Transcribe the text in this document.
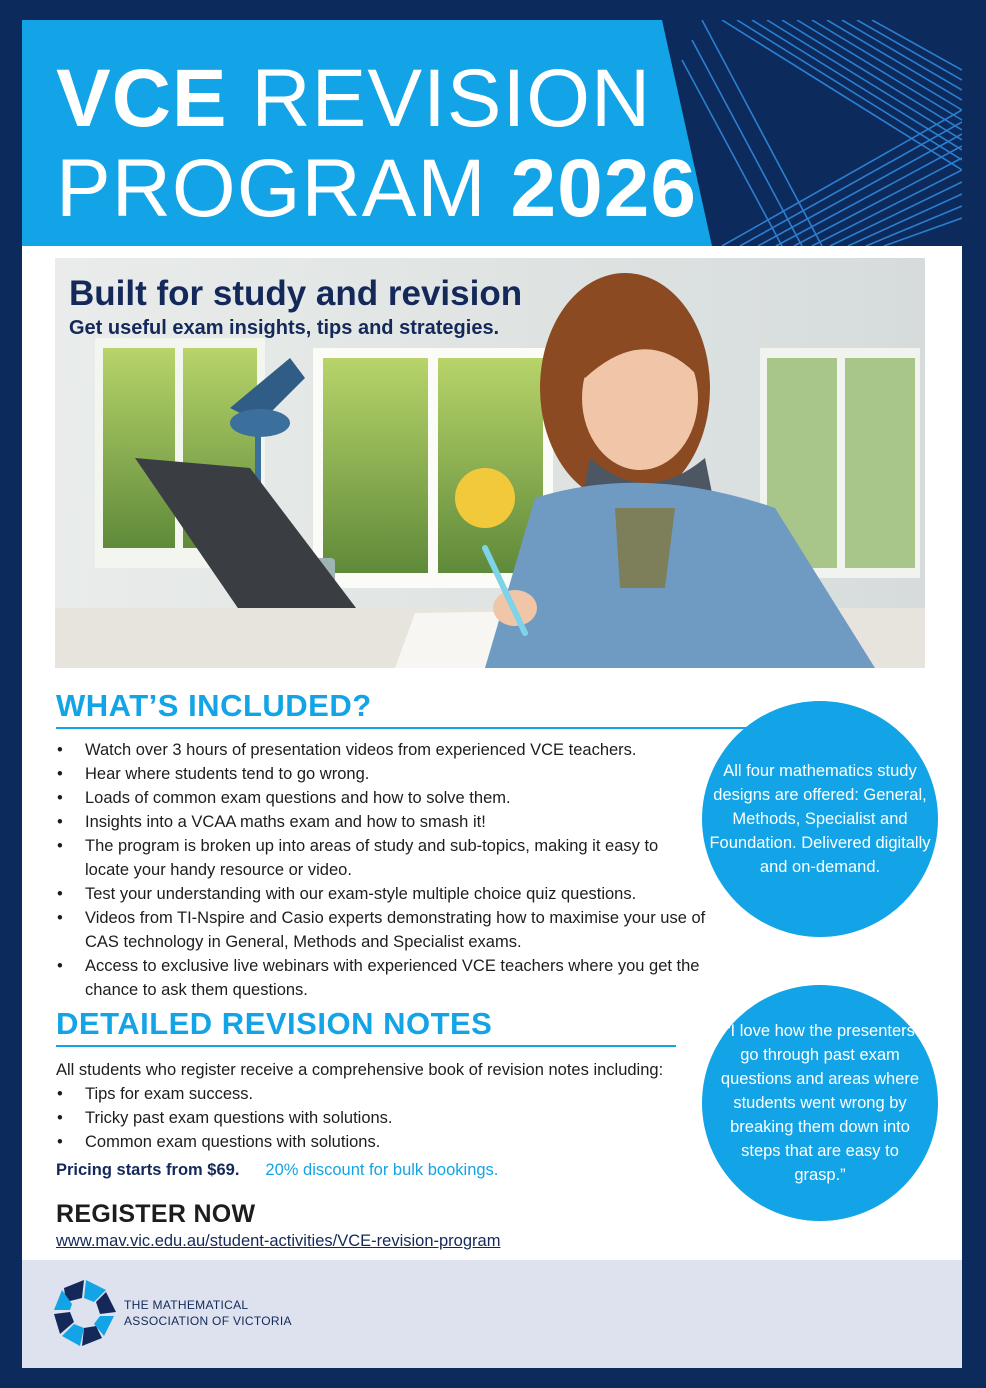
VCE REVISION
PROGRAM 2026
Built for study and revision
Get useful exam insights, tips and strategies.
WHAT’S INCLUDED?
• Watch over 3 hours of presentation videos from experienced VCE teachers.
• Hear where students tend to go wrong.
• Loads of common exam questions and how to solve them.
• Insights into a VCAA maths exam and how to smash it!
• The program is broken up into areas of study and sub-topics, making it easy to locate your handy resource or video.
• Test your understanding with our exam-style multiple choice quiz questions.
• Videos from TI-Nspire and Casio experts demonstrating how to maximise your use of CAS technology in General, Methods and Specialist exams.
• Access to exclusive live webinars with experienced VCE teachers where you get the chance to ask them questions.
DETAILED REVISION NOTES
All students who register receive a comprehensive book of revision notes including:
• Tips for exam success.
• Tricky past exam questions with solutions.
• Common exam questions with solutions.
Pricing starts from $69. 20% discount for bulk bookings.
REGISTER NOW
www.mav.vic.edu.au/student-activities/VCE-revision-program
All four mathematics study designs are offered: General, Methods, Specialist and Foundation. Delivered digitally and on-demand.
“I love how the presenters go through past exam questions and areas where students went wrong by breaking them down into steps that are easy to grasp.”
THE MATHEMATICAL
ASSOCIATION OF VICTORIA
